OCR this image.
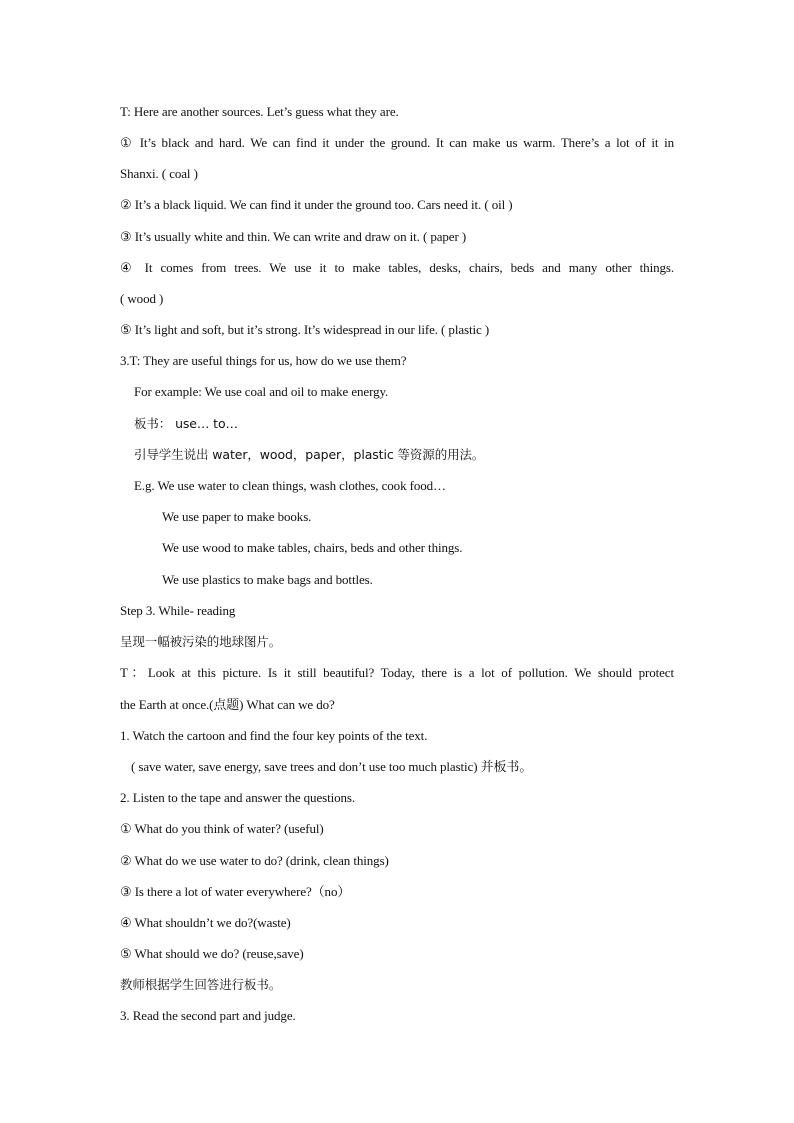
T: Here are another sources. Let’s guess what they are.
① It’s black and hard. We can find it under the ground. It can make us warm. There’s a lot of it in
Shanxi. ( coal )
② It’s a black liquid. We can find it under the ground too. Cars need it. ( oil )
③ It’s usually white and thin. We can write and draw on it. ( paper )
④ It comes from trees. We use it to make tables, desks, chairs, beds and many other things.
( wood )
⑤ It’s light and soft, but it’s strong. It’s widespread in our life. ( plastic )
3.T: They are useful things for us, how do we use them?
For example: We use coal and oil to make energy.
板书： use… to…
引导学生说出 water，wood，paper，plastic 等资源的用法。
E.g. We use water to clean things, wash clothes, cook food…
We use paper to make books.
We use wood to make tables, chairs, beds and other things.
We use plastics to make bags and bottles.
Step 3. While- reading
呈现一幅被污染的地球图片。
T：Look at this picture. Is it still beautiful? Today, there is a lot of pollution. We should protect
the Earth at once.(点题) What can we do?
1. Watch the cartoon and find the four key points of the text.
( save water, save energy, save trees and don’t use too much plastic) 并板书。
2. Listen to the tape and answer the questions.
① What do you think of water? (useful)
② What do we use water to do? (drink, clean things)
③ Is there a lot of water everywhere?（no）
④ What shouldn’t we do?(waste)
⑤ What should we do? (reuse,save)
教师根据学生回答进行板书。
3. Read the second part and judge.
